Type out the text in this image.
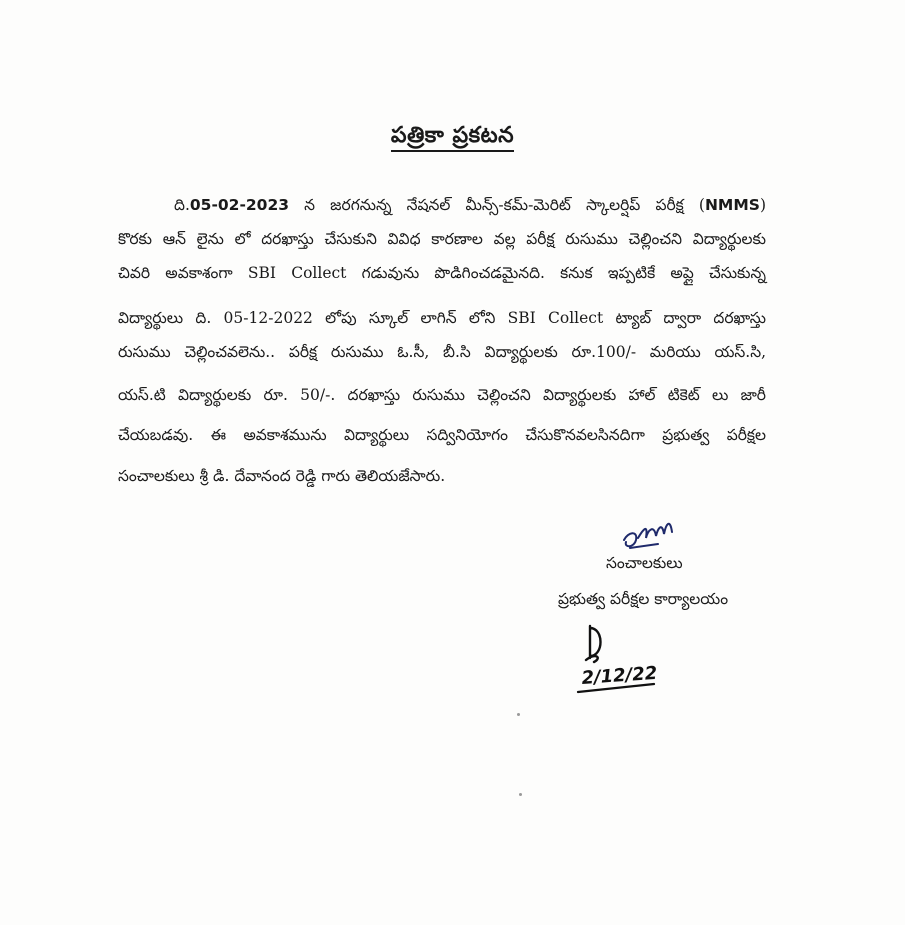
పత్రికా ప్రకటన
ది.05-02-2023 న జరగనున్న నేషనల్ మీన్స్-కమ్-మెరిట్ స్కాలర్షిప్ పరీక్ష (NMMS)
కొరకు ఆన్ లైను లో దరఖాస్తు చేసుకుని వివిధ కారణాల వల్ల పరీక్ష రుసుము చెల్లించని విద్యార్థులకు
చివరి అవకాశంగా SBI Collect గడువును పొడిగించడమైనది. కనుక ఇప్పటికే అప్లై చేసుకున్న
విద్యార్థులు ది. 05-12-2022 లోపు స్కూల్ లాగిన్ లోని SBI Collect ట్యాబ్ ద్వారా దరఖాస్తు
రుసుము చెల్లించవలెను.. పరీక్ష రుసుము ఓ.సీ, బీ.సి విద్యార్థులకు రూ.100/- మరియు యస్.సి,
యస్.టి విద్యార్థులకు రూ. 50/-. దరఖాస్తు రుసుము చెల్లించని విద్యార్థులకు హాల్ టికెట్ లు జారీ
చేయబడవు. ఈ అవకాశమును విద్యార్థులు సద్వినియోగం చేసుకొనవలసినదిగా ప్రభుత్వ పరీక్షల
సంచాలకులు శ్రీ డి. దేవానంద రెడ్డి గారు తెలియజేసారు.
సంచాలకులు
ప్రభుత్వ పరీక్షల కార్యాలయం
2/12/22
